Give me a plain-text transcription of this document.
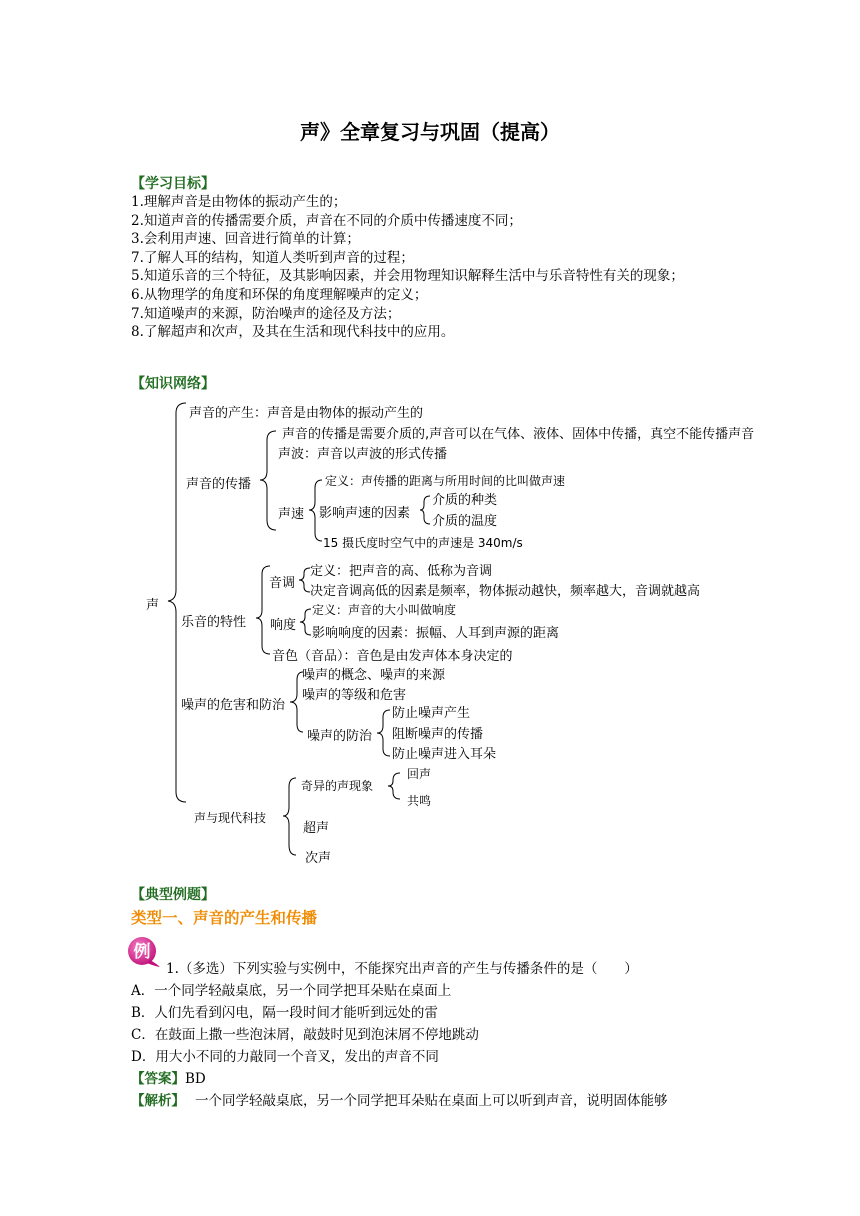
声》全章复习与巩固（提高）
【学习目标】
1.理解声音是由物体的振动产生的；
2.知道声音的传播需要介质，声音在不同的介质中传播速度不同；
3.会利用声速、回音进行简单的计算；
7.了解人耳的结构，知道人类听到声音的过程；
5.知道乐音的三个特征，及其影响因素，并会用物理知识解释生活中与乐音特性有关的现象；
6.从物理学的角度和环保的角度理解噪声的定义；
7.知道噪声的来源，防治噪声的途径及方法；
8.了解超声和次声，及其在生活和现代科技中的应用。
【知识网络】
声
声音的产生：声音是由物体的振动产生的
声音的传播
声音的传播是需要介质的,声音可以在气体、液体、固体中传播，真空不能传播声音
声波：声音以声波的形式传播
声速
定义：声传播的距离与所用时间的比叫做声速
影响声速的因素
介质的种类
介质的温度
15 摄氏度时空气中的声速是 340m/s
乐音的特性
音调
定义：把声音的高、低称为音调
决定音调高低的因素是频率，物体振动越快，频率越大，音调就越高
响度
定义：声音的大小叫做响度
影响响度的因素：振幅、人耳到声源的距离
音色（音品）：音色是由发声体本身决定的
噪声的危害和防治
噪声的概念、噪声的来源
噪声的等级和危害
噪声的防治
防止噪声产生
阻断噪声的传播
防止噪声进入耳朵
声与现代科技
奇异的声现象
回声
共鸣
超声
次声
【典型例题】
类型一、声音的产生和传播
例
1.（多选）下列实验与实例中，不能探究出声音的产生与传播条件的是（　　）
A．一个同学轻敲桌底，另一个同学把耳朵贴在桌面上
B．人们先看到闪电，隔一段时间才能听到远处的雷
C．在鼓面上撒一些泡沫屑，敲鼓时见到泡沫屑不停地跳动
D．用大小不同的力敲同一个音叉，发出的声音不同
【答案】BD
【解析】 一个同学轻敲桌底，另一个同学把耳朵贴在桌面上可以听到声音，说明固体能够
